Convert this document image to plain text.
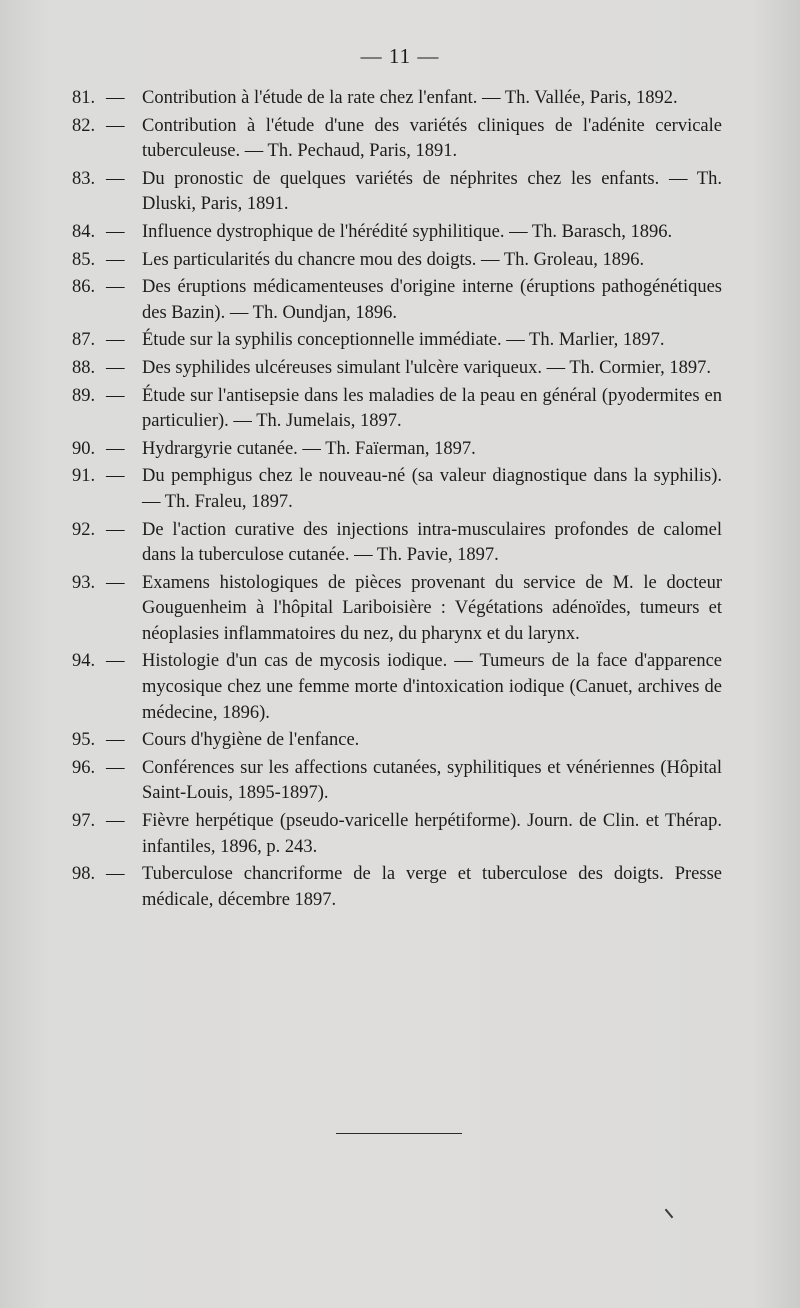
— 11 —
81. — Contribution à l'étude de la rate chez l'enfant. — Th. Vallée, Paris, 1892.
82. — Contribution à l'étude d'une des variétés cliniques de l'adénite cervicale tuberculeuse. — Th. Pechaud, Paris, 1891.
83. — Du pronostic de quelques variétés de néphrites chez les enfants. — Th. Dluski, Paris, 1891.
84. — Influence dystrophique de l'hérédité syphilitique. — Th. Barasch, 1896.
85. — Les particularités du chancre mou des doigts. — Th. Groleau, 1896.
86. — Des éruptions médicamenteuses d'origine interne (éruptions pathogénétiques des Bazin). — Th. Oundjan, 1896.
87. — Étude sur la syphilis conceptionnelle immédiate. — Th. Marlier, 1897.
88. — Des syphilides ulcéreuses simulant l'ulcère variqueux. — Th. Cormier, 1897.
89. — Étude sur l'antisepsie dans les maladies de la peau en général (pyodermites en particulier). — Th. Jumelais, 1897.
90. — Hydrargyrie cutanée. — Th. Faïerman, 1897.
91. — Du pemphigus chez le nouveau-né (sa valeur diagnostique dans la syphilis). — Th. Fraleu, 1897.
92. — De l'action curative des injections intra-musculaires profondes de calomel dans la tuberculose cutanée. — Th. Pavie, 1897.
93. — Examens histologiques de pièces provenant du service de M. le docteur Gouguenheim à l'hôpital Lariboisière : Végétations adénoïdes, tumeurs et néoplasies inflammatoires du nez, du pharynx et du larynx.
94. — Histologie d'un cas de mycosis iodique. — Tumeurs de la face d'apparence mycosique chez une femme morte d'intoxication iodique (Canuet, archives de médecine, 1896).
95. — Cours d'hygiène de l'enfance.
96. — Conférences sur les affections cutanées, syphilitiques et vénériennes (Hôpital Saint-Louis, 1895-1897).
97. — Fièvre herpétique (pseudo-varicelle herpétiforme). Journ. de Clin. et Thérap. infantiles, 1896, p. 243.
98. — Tuberculose chancriforme de la verge et tuberculose des doigts. Presse médicale, décembre 1897.
